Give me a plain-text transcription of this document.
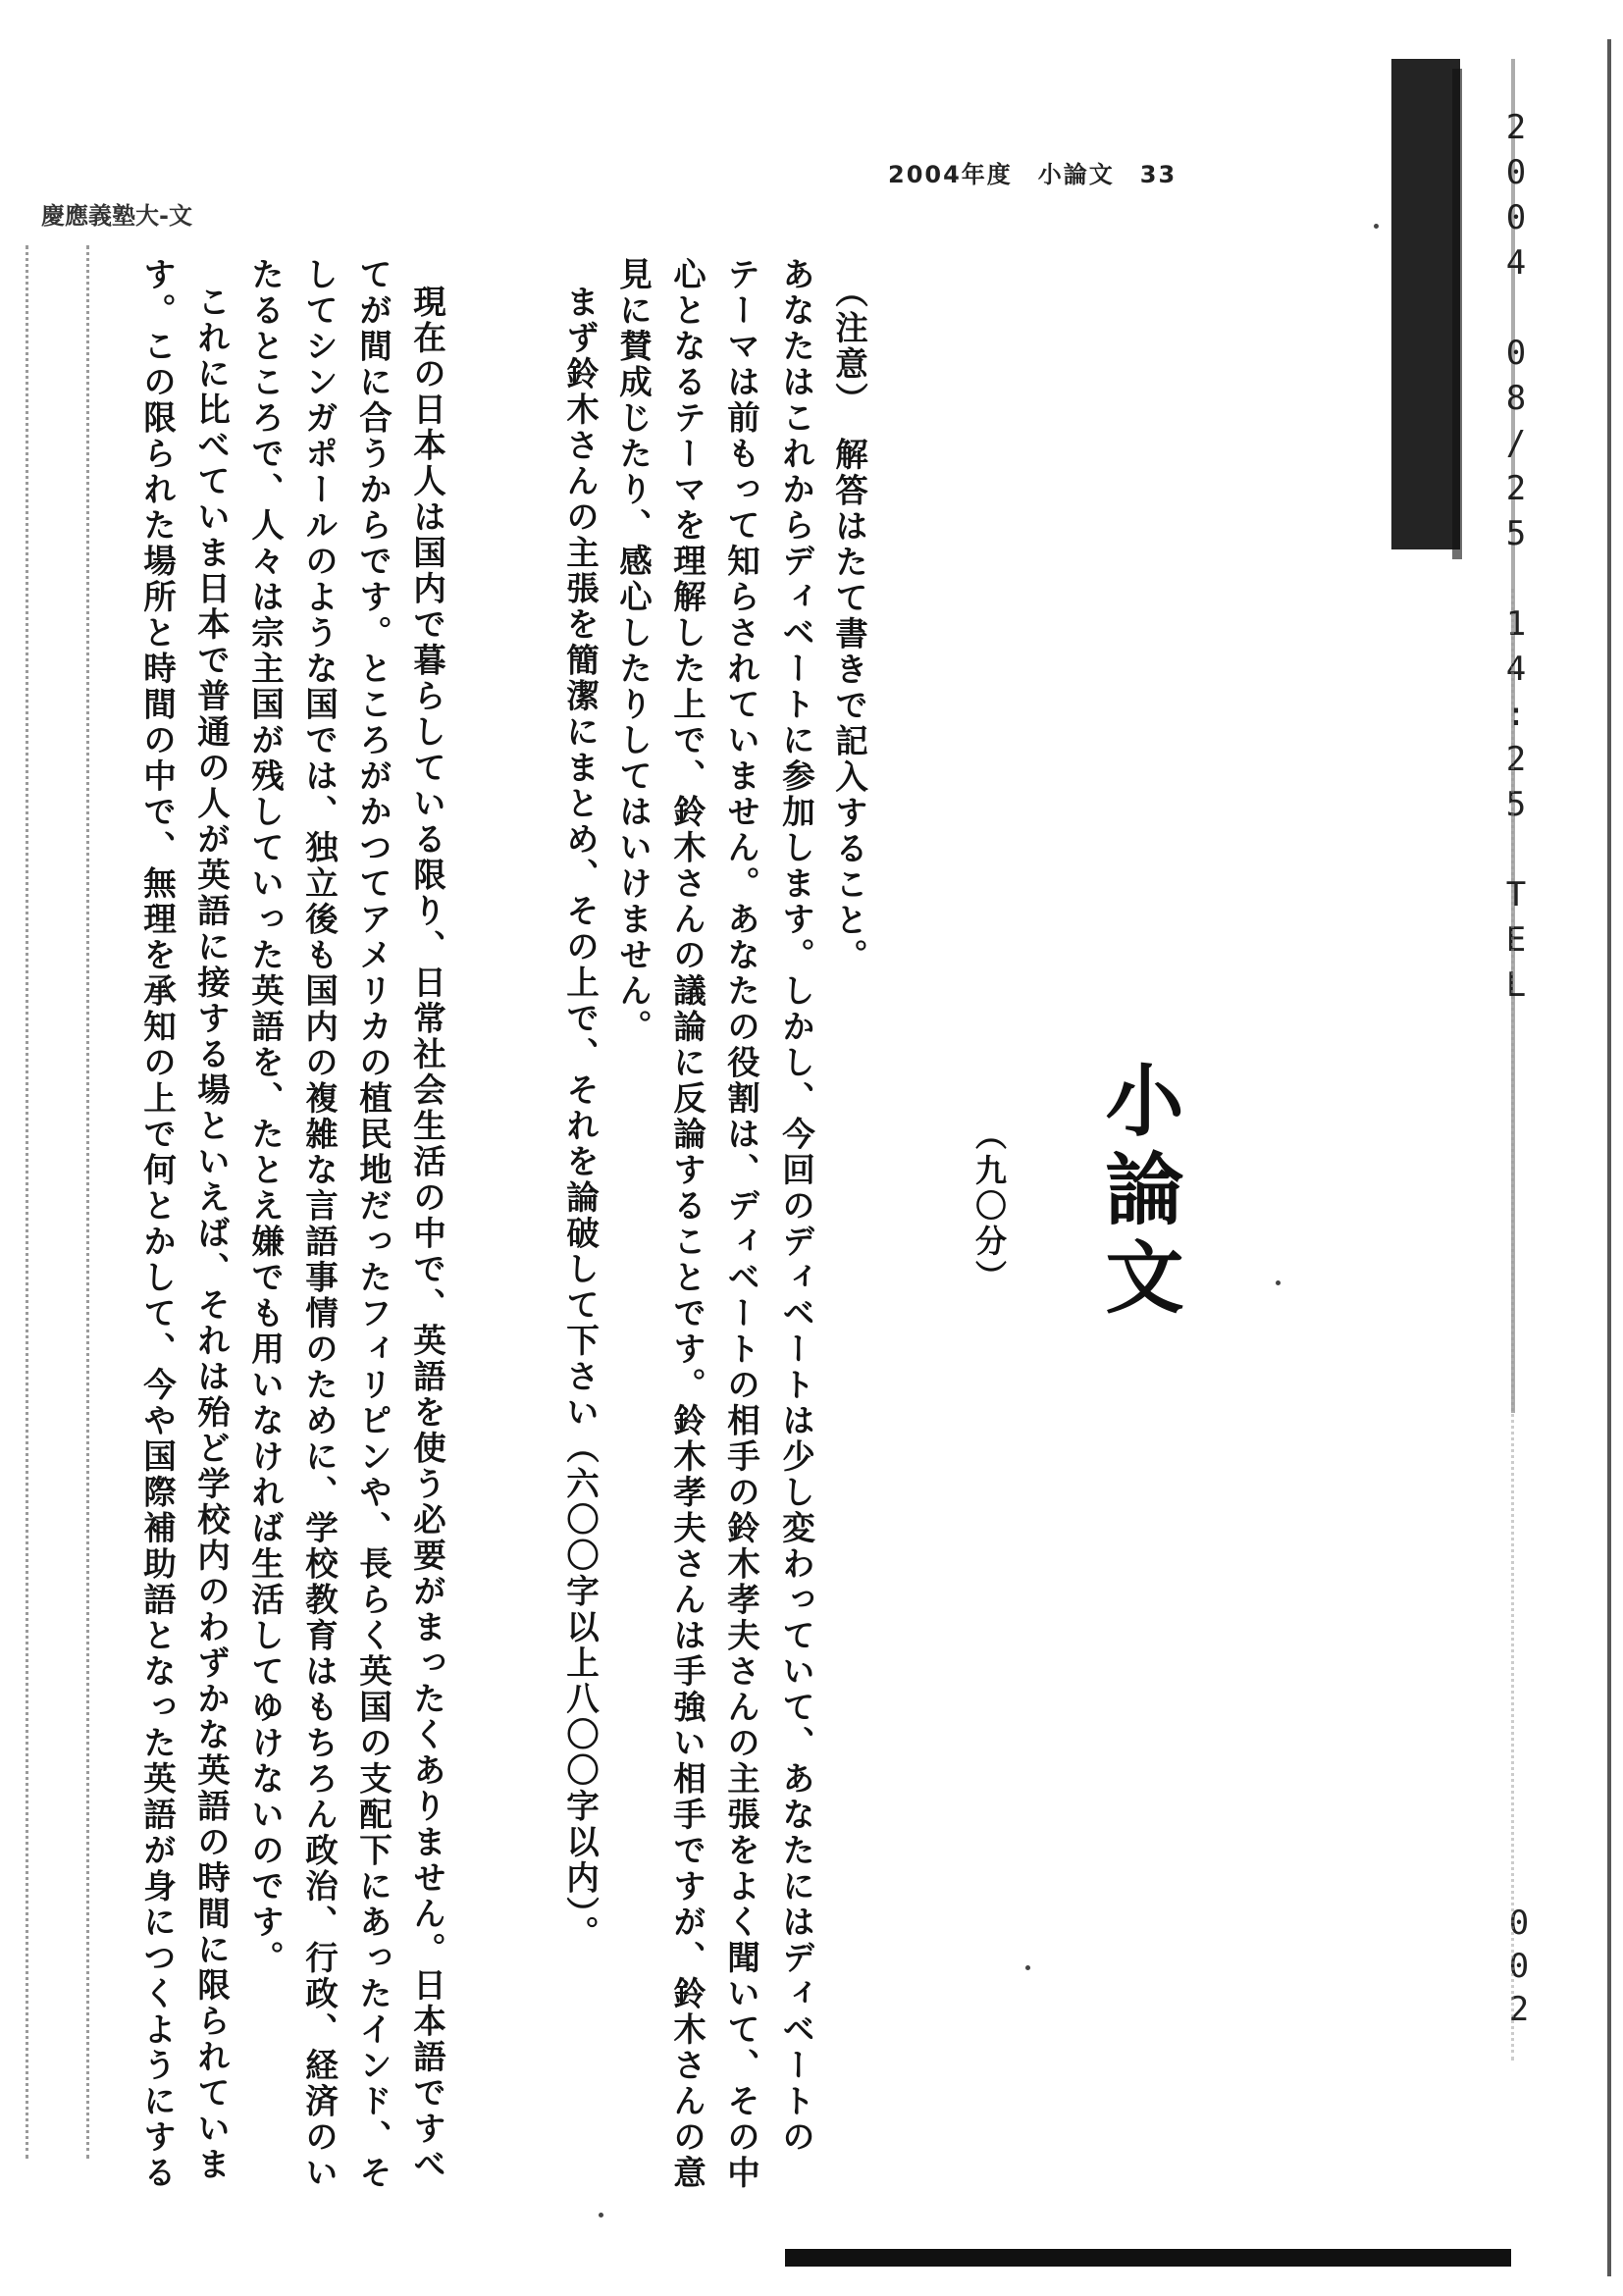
2004 08/25 14:25 TEL
002
2004年度　小論文　33
慶應義塾大-文
小論文
（九〇分）
（注意）　解答はたて書きで記入すること。
あなたはこれからディベートに参加します。しかし、今回のディベートは少し変わっていて、あなたにはディベートの
テーマは前もって知らされていません。あなたの役割は、ディベートの相手の鈴木孝夫さんの主張をよく聞いて、その中
心となるテーマを理解した上で、鈴木さんの議論に反論することです。鈴木孝夫さんは手強い相手ですが、鈴木さんの意
見に賛成じたり、感心したりしてはいけません。
まず鈴木さんの主張を簡潔にまとめ、その上で、それを論破して下さい（六〇〇字以上八〇〇字以内）。
現在の日本人は国内で暮らしている限り、日常社会生活の中で、英語を使う必要がまったくありません。日本語ですべ
てが間に合うからです。ところがかつてアメリカの植民地だったフィリピンや、長らく英国の支配下にあったインド、そ
してシンガポールのような国では、独立後も国内の複雑な言語事情のために、学校教育はもちろん政治、行政、経済のい
たるところで、人々は宗主国が残していった英語を、たとえ嫌でも用いなければ生活してゆけないのです。
これに比べていま日本で普通の人が英語に接する場といえば、それは殆ど学校内のわずかな英語の時間に限られていま
す。この限られた場所と時間の中で、無理を承知の上で何とかして、今や国際補助語となった英語が身につくようにする
